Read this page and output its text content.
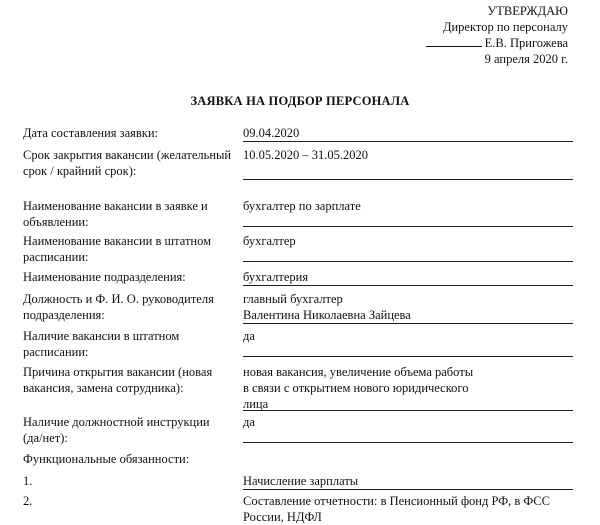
УТВЕРЖДАЮ
Директор по персоналу
Е.В. Пригожева
9 апреля 2020 г.
ЗАЯВКА НА ПОДБОР ПЕРСОНАЛА
Дата составления заявки:	09.04.2020
Срок закрытия вакансии (желательный срок / крайний срок):
10.05.2020 – 31.05.2020
Наименование вакансии в заявке и объявлении:
бухгалтер по зарплате
Наименование вакансии в штатном расписании:
бухгалтер
Наименование подразделения:	бухгалтерия
Должность и Ф. И. О. руководителя подразделения:
главный бухгалтер
Валентина Николаевна Зайцева
Наличие вакансии в штатном расписании:
да
Причина открытия вакансии (новая вакансия, замена сотрудника):
новая вакансия, увеличение объема работы
в связи с открытием нового юридического
лица
Наличие должностной инструкции (да/нет):
да
Функциональные обязанности:
1.	Начисление зарплаты
2.	Составление отчетности: в Пенсионный фонд РФ, в ФСС
России, НДФЛ
